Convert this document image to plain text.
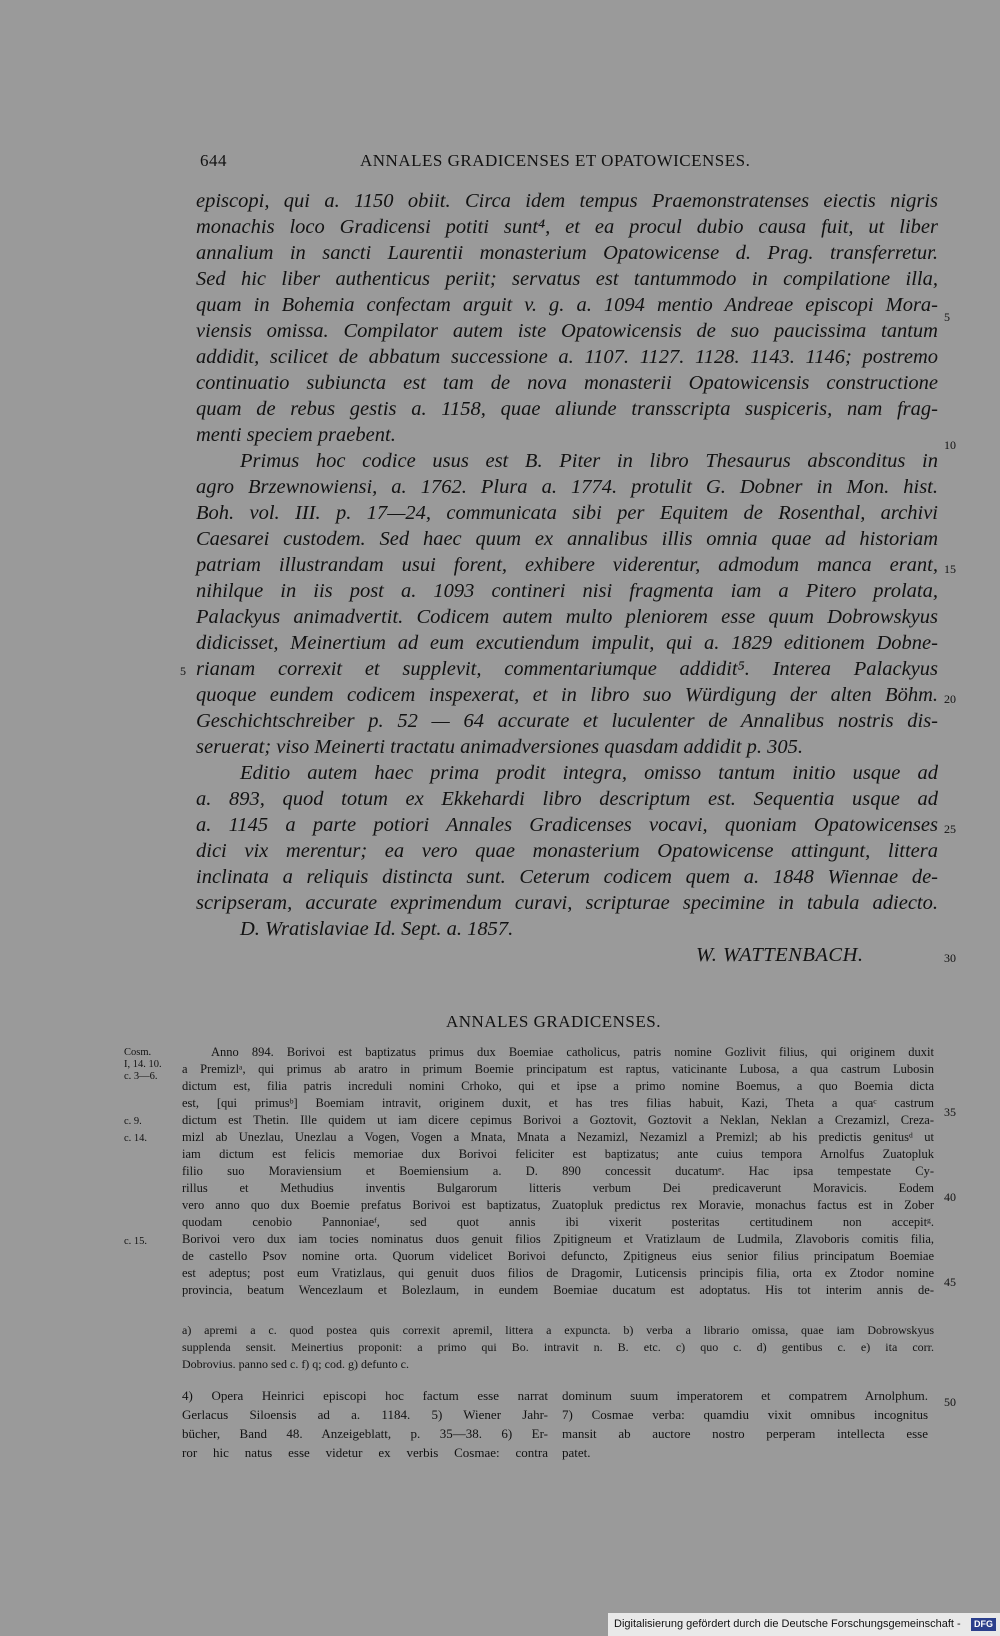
644	ANNALES GRADICENSES ET OPATOWICENSES.
episcopi, qui a. 1150 obiit. Circa idem tempus Praemonstratenses eiectis nigris
monachis loco Gradicensi potiti sunt⁴, et ea procul dubio causa fuit, ut liber
annalium in sancti Laurentii monasterium Opatowicense d. Prag. transferretur.
Sed hic liber authenticus periit; servatus est tantummodo in compilatione illa,
quam in Bohemia confectam arguit v. g. a. 1094 mentio Andreae episcopi Mora-
viensis omissa. Compilator autem iste Opatowicensis de suo paucissima tantum
addidit, scilicet de abbatum successione a. 1107. 1127. 1128. 1143. 1146; postremo
continuatio subiuncta est tam de nova monasterii Opatowicensis constructione
quam de rebus gestis a. 1158, quae aliunde transscripta suspiceris, nam frag-
menti speciem praebent.
Primus hoc codice usus est B. Piter in libro Thesaurus absconditus in
agro Brzewnowiensi, a. 1762. Plura a. 1774. protulit G. Dobner in Mon. hist.
Boh. vol. III. p. 17—24, communicata sibi per Equitem de Rosenthal, archivi
Caesarei custodem. Sed haec quum ex annalibus illis omnia quae ad historiam
patriam illustrandam usui forent, exhibere viderentur, admodum manca erant,
nihilque in iis post a. 1093 contineri nisi fragmenta iam a Pitero prolata,
Palackyus animadvertit. Codicem autem multo pleniorem esse quum Dobrowskyus
didicisset, Meinertium ad eum excutiendum impulit, qui a. 1829 editionem Dobne-
rianam correxit et supplevit, commentariumque addidit⁵. Interea Palackyus
quoque eundem codicem inspexerat, et in libro suo Würdigung der alten Böhm.
Geschichtschreiber p. 52 — 64 accurate et luculenter de Annalibus nostris dis-
seruerat; viso Meinerti tractatu animadversiones quasdam addidit p. 305.
Editio autem haec prima prodit integra, omisso tantum initio usque ad
a. 893, quod totum ex Ekkehardi libro descriptum est. Sequentia usque ad
a. 1145 a parte potiori Annales Gradicenses vocavi, quoniam Opatowicenses
dici vix merentur; ea vero quae monasterium Opatowicense attingunt, littera
inclinata a reliquis distincta sunt. Ceterum codicem quem a. 1848 Wiennae de-
scripseram, accurate exprimendum curavi, scripturae specimine in tabula adiecto.
D. Wratislaviae Id. Sept. a. 1857.
5
10
15
20
25
30
5
W. WATTENBACH.
ANNALES GRADICENSES.
Cosm.
I, 14. 10.
c. 3—6.
c. 9.
c. 14.
c. 15.
Anno 894. Borivoi est baptizatus primus dux Boemiae catholicus, patris nomine Gozlivit filius, qui originem duxit
a Premizlᵃ, qui primus ab aratro in primum Boemie principatum est raptus, vaticinante Lubosa, a qua castrum Lubosin
dictum est, filia patris increduli nomini Crhoko, qui et ipse a primo nomine Boemus, a quo Boemia dicta
est, [qui primusᵇ] Boemiam intravit, originem duxit, et has tres filias habuit, Kazi, Theta a quaᶜ castrum
dictum est Thetin. Ille quidem ut iam dicere cepimus Borivoi a Goztovit, Goztovit a Neklan, Neklan a Crezamizl, Creza-
mizl ab Unezlau, Unezlau a Vogen, Vogen a Mnata, Mnata a Nezamizl, Nezamizl a Premizl; ab his predictis genitusᵈ ut
iam dictum est felicis memoriae dux Borivoi feliciter est baptizatus; ante cuius tempora Arnolfus Zuatopluk
filio suo Moraviensium et Boemiensium a. D. 890 concessit ducatumᵉ. Hac ipsa tempestate Cy-
rillus et Methudius inventis Bulgarorum litteris verbum Dei predicaverunt Moravicis. Eodem
vero anno quo dux Boemie prefatus Borivoi est baptizatus, Zuatopluk predictus rex Moravie, monachus factus est in Zober
quodam cenobio Pannoniaeᶠ, sed quot annis ibi vixerit posteritas certitudinem non accepitᵍ.
Borivoi vero dux iam tocies nominatus duos genuit filios Zpitigneum et Vratizlaum de Ludmila, Zlavoboris comitis filia,
de castello Psov nomine orta. Quorum videlicet Borivoi defuncto, Zpitigneus eius senior filius principatum Boemiae
est adeptus; post eum Vratizlaus, qui genuit duos filios de Dragomir, Luticensis principis filia, orta ex Ztodor nomine
provincia, beatum Wencezlaum et Bolezlaum, in eundem Boemiae ducatum est adoptatus. His tot interim annis de-
35
40
45
a) apremi a c. quod postea quis correxit apremil, littera a expuncta. b) verba a librario omissa, quae iam Dobrowskyus
supplenda sensit. Meinertius proponit: a primo qui Bo. intravit n. B. etc. c) quo c. d) gentibus c. e) ita corr.
Dobrovius. panno sed c. f) q; cod. g) defunto c.
4) Opera Heinrici episcopi hoc factum esse narrat
Gerlacus Siloensis ad a. 1184. 5) Wiener Jahr-
bücher, Band 48. Anzeigeblatt, p. 35—38. 6) Er-
ror hic natus esse videtur ex verbis Cosmae: contra
dominum suum imperatorem et compatrem Arnolphum.
7) Cosmae verba: quamdiu vixit omnibus incognitus
mansit ab auctore nostro perperam intellecta esse
patet.
50
Digitalisierung gefördert durch die Deutsche Forschungsgemeinschaft -	DFG
